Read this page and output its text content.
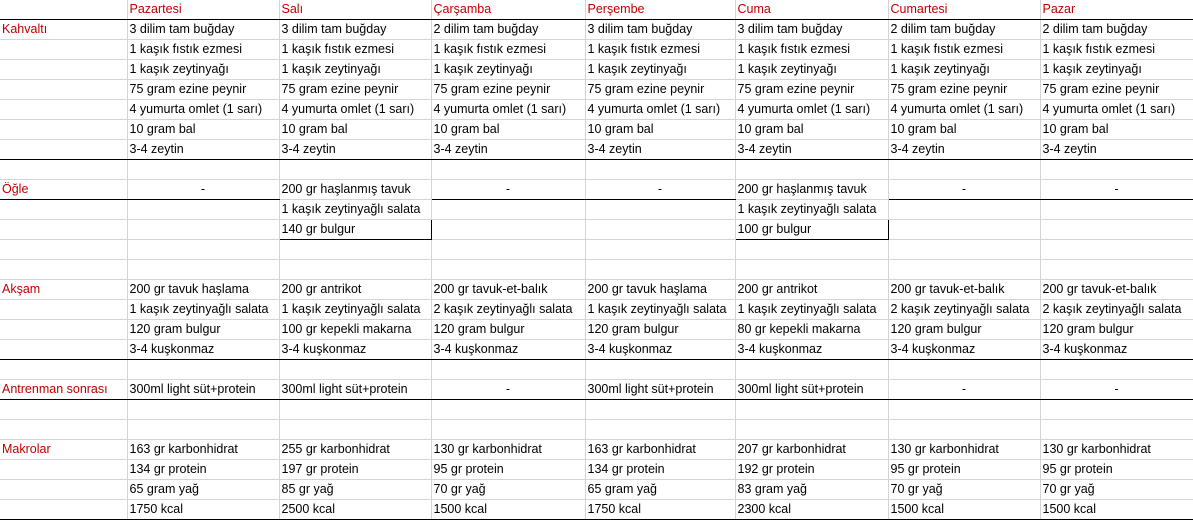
	Pazartesi	Salı	Çarşamba	Perşembe	Cuma	Cumartesi	Pazar
Kahvaltı	3 dilim tam buğday	3 dilim tam buğday	2 dilim tam buğday	3 dilim tam buğday	3 dilim tam buğday	2 dilim tam buğday	2 dilim tam buğday
	1 kaşık fıstık ezmesi	1 kaşık fıstık ezmesi	1 kaşık fıstık ezmesi	1 kaşık fıstık ezmesi	1 kaşık fıstık ezmesi	1 kaşık fıstık ezmesi	1 kaşık fıstık ezmesi
	1 kaşık zeytinyağı	1 kaşık zeytinyağı	1 kaşık zeytinyağı	1 kaşık zeytinyağı	1 kaşık zeytinyağı	1 kaşık zeytinyağı	1 kaşık zeytinyağı
	75 gram ezine peynir	75 gram ezine peynir	75 gram ezine peynir	75 gram ezine peynir	75 gram ezine peynir	75 gram ezine peynir	75 gram ezine peynir
	4 yumurta omlet (1 sarı)	4 yumurta omlet (1 sarı)	4 yumurta omlet (1 sarı)	4 yumurta omlet (1 sarı)	4 yumurta omlet (1 sarı)	4 yumurta omlet (1 sarı)	4 yumurta omlet (1 sarı)
	10 gram bal	10 gram bal	10 gram bal	10 gram bal	10 gram bal	10 gram bal	10 gram bal
	3-4 zeytin	3-4 zeytin	3-4 zeytin	3-4 zeytin	3-4 zeytin	3-4 zeytin	3-4 zeytin

Öğle	-	200 gr haşlanmış tavuk	-	-	200 gr haşlanmış tavuk	-	-
		1 kaşık zeytinyağlı salata			1 kaşık zeytinyağlı salata		
		140 gr bulgur			100 gr bulgur		

Akşam	200 gr tavuk haşlama	200 gr antrikot	200 gr tavuk-et-balık	200 gr tavuk haşlama	200 gr antrikot	200 gr tavuk-et-balık	200 gr tavuk-et-balık
	1 kaşık zeytinyağlı salata	1 kaşık zeytinyağlı salata	2 kaşık zeytinyağlı salata	1 kaşık zeytinyağlı salata	1 kaşık zeytinyağlı salata	2 kaşık zeytinyağlı salata	2 kaşık zeytinyağlı salata
	120 gram bulgur	100 gr kepekli makarna	120 gram bulgur	120 gram bulgur	80 gr kepekli makarna	120 gram bulgur	120 gram bulgur
	3-4 kuşkonmaz	3-4 kuşkonmaz	3-4 kuşkonmaz	3-4 kuşkonmaz	3-4 kuşkonmaz	3-4 kuşkonmaz	3-4 kuşkonmaz

Antrenman sonrası	300ml light süt+protein	300ml light süt+protein	-	300ml light süt+protein	300ml light süt+protein	-	-

Makrolar	163 gr karbonhidrat	255 gr karbonhidrat	130 gr karbonhidrat	163 gr karbonhidrat	207 gr karbonhidrat	130 gr karbonhidrat	130 gr karbonhidrat
	134 gr protein	197 gr protein	95 gr protein	134 gr protein	192 gr protein	95 gr protein	95 gr protein
	65 gram yağ	85 gr yağ	70 gr yağ	65 gram yağ	83 gram yağ	70 gr yağ	70 gr yağ
	1750 kcal	2500 kcal	1500 kcal	1750 kcal	2300 kcal	1500 kcal	1500 kcal
